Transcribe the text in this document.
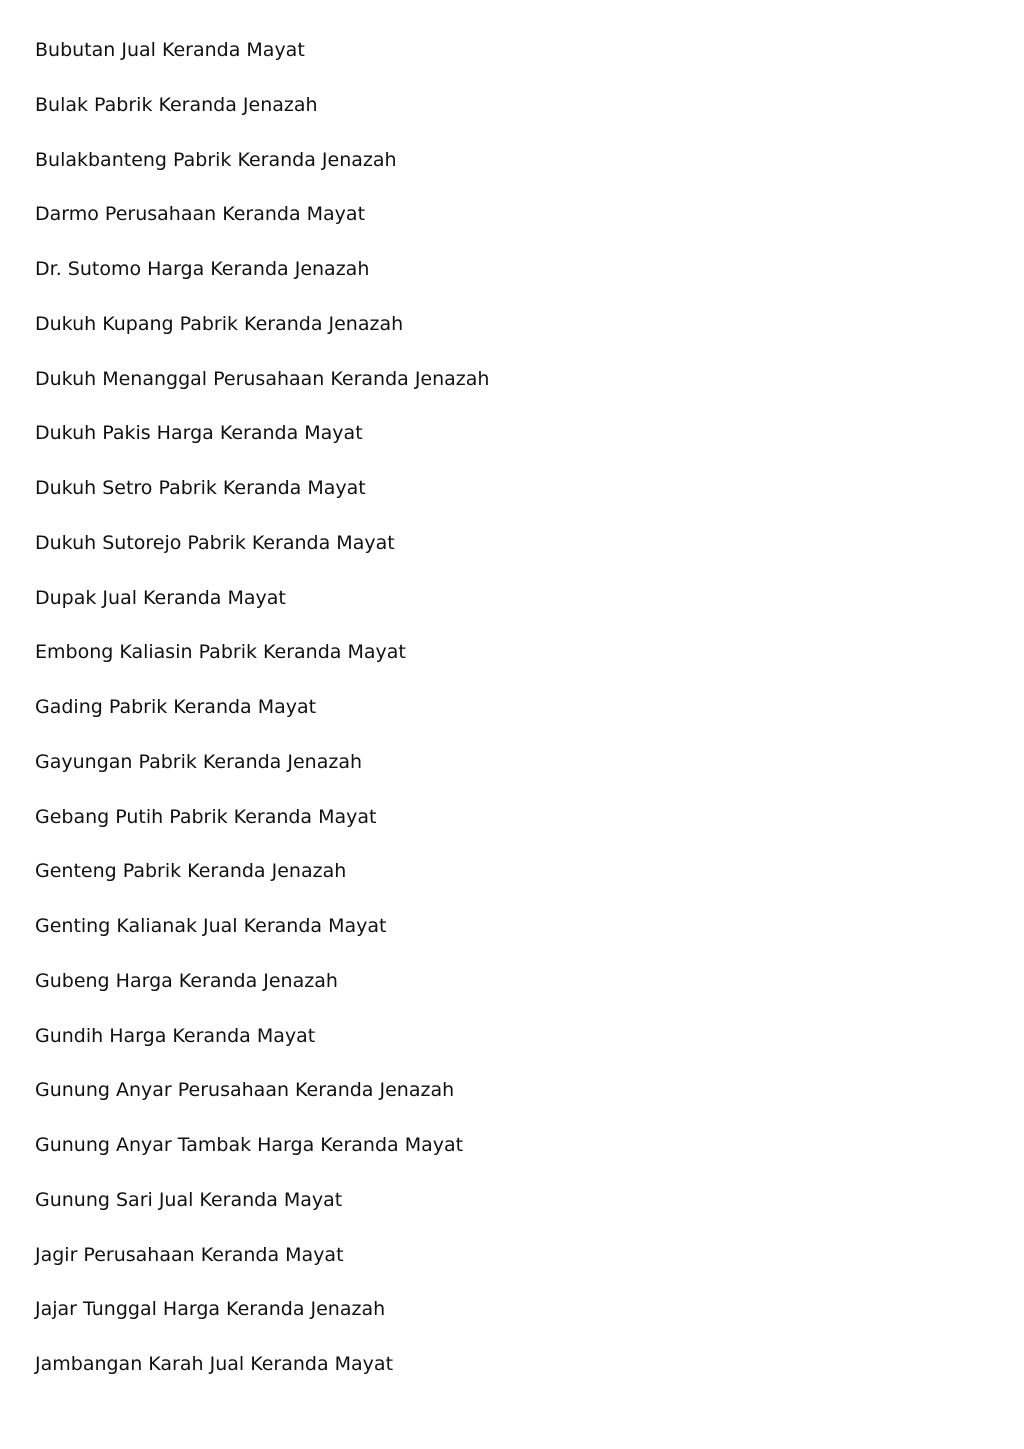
Bubutan Jual Keranda Mayat
Bulak Pabrik Keranda Jenazah
Bulakbanteng Pabrik Keranda Jenazah
Darmo Perusahaan Keranda Mayat
Dr. Sutomo Harga Keranda Jenazah
Dukuh Kupang Pabrik Keranda Jenazah
Dukuh Menanggal Perusahaan Keranda Jenazah
Dukuh Pakis Harga Keranda Mayat
Dukuh Setro Pabrik Keranda Mayat
Dukuh Sutorejo Pabrik Keranda Mayat
Dupak Jual Keranda Mayat
Embong Kaliasin Pabrik Keranda Mayat
Gading Pabrik Keranda Mayat
Gayungan Pabrik Keranda Jenazah
Gebang Putih Pabrik Keranda Mayat
Genteng Pabrik Keranda Jenazah
Genting Kalianak Jual Keranda Mayat
Gubeng Harga Keranda Jenazah
Gundih Harga Keranda Mayat
Gunung Anyar Perusahaan Keranda Jenazah
Gunung Anyar Tambak Harga Keranda Mayat
Gunung Sari Jual Keranda Mayat
Jagir Perusahaan Keranda Mayat
Jajar Tunggal Harga Keranda Jenazah
Jambangan Karah Jual Keranda Mayat
